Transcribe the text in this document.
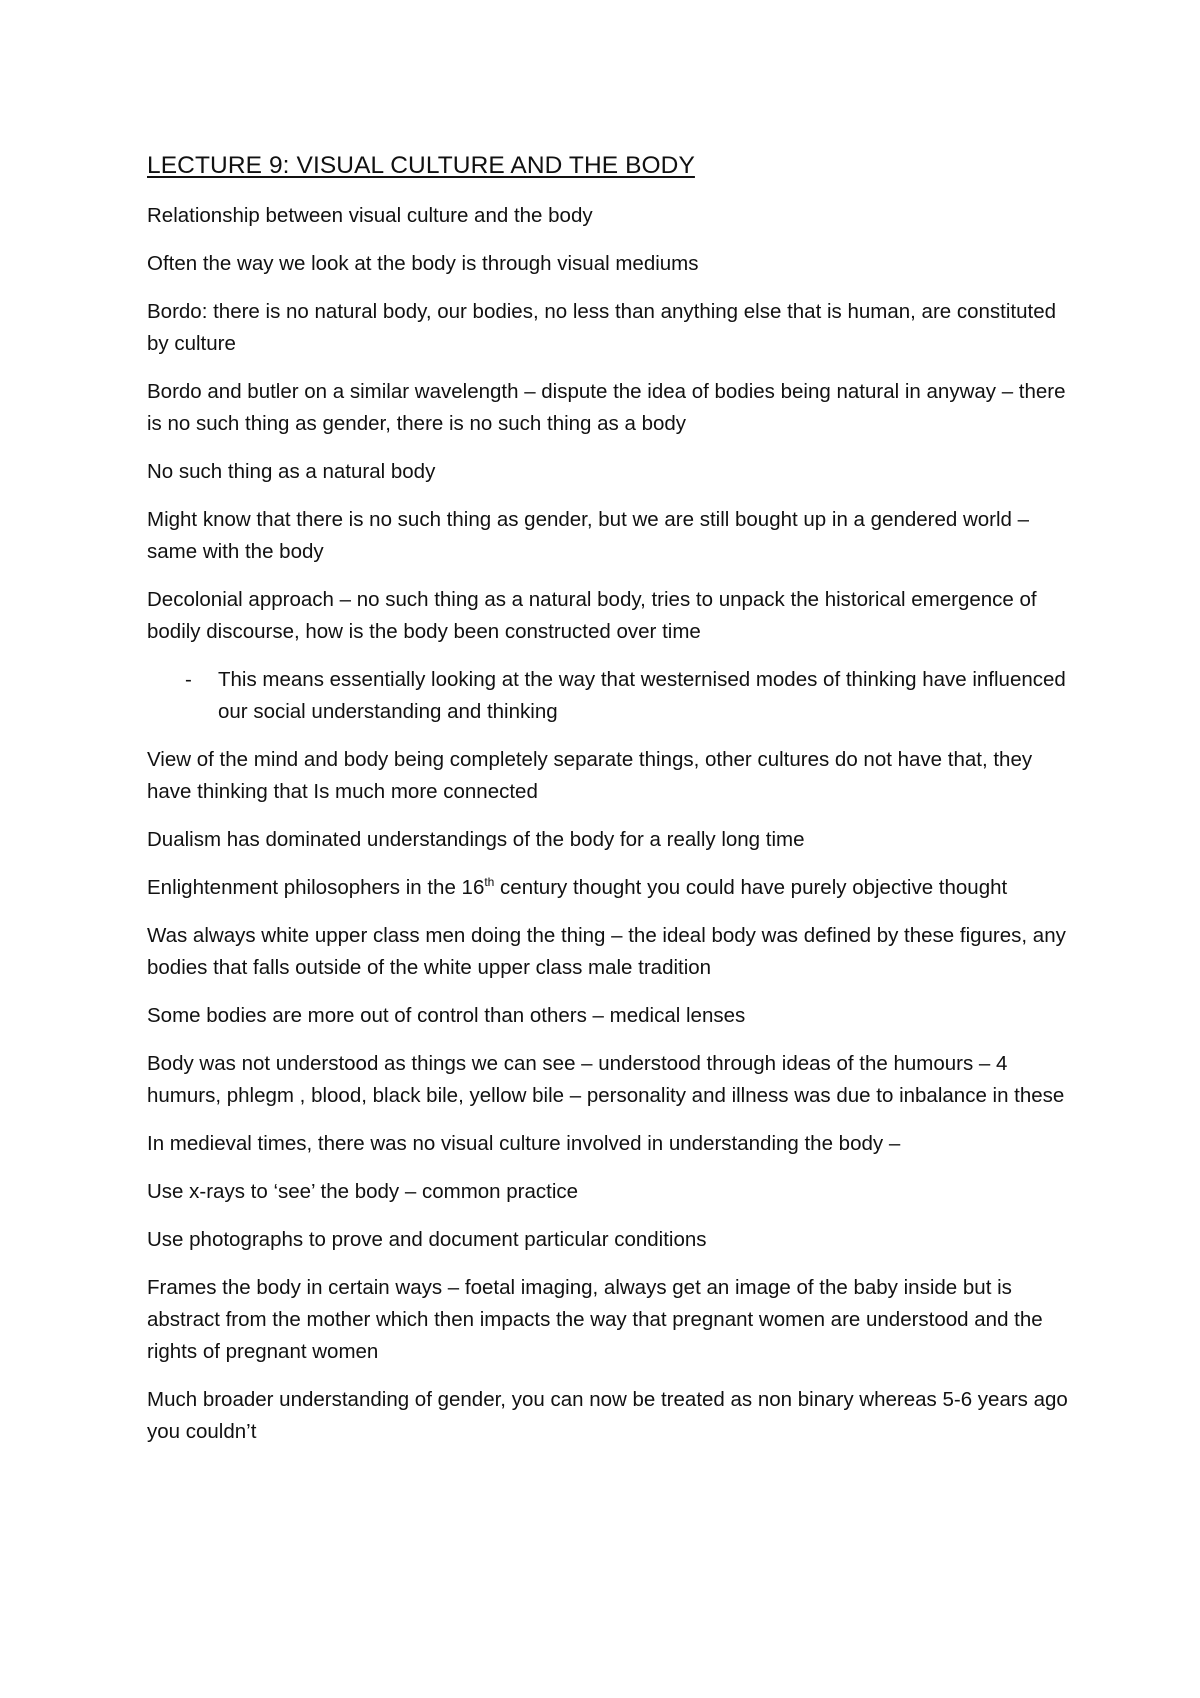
LECTURE 9: VISUAL CULTURE AND THE BODY

Relationship between visual culture and the body

Often the way we look at the body is through visual mediums

Bordo: there is no natural body, our bodies, no less than anything else that is human, are constituted by culture

Bordo and butler on a similar wavelength – dispute the idea of bodies being natural in anyway – there is no such thing as gender, there is no such thing as a body

No such thing as a natural body

Might know that there is no such thing as gender, but we are still bought up in a gendered world – same with the body

Decolonial approach – no such thing as a natural body, tries to unpack the historical emergence of bodily discourse, how is the body been constructed over time

-	This means essentially looking at the way that westernised modes of thinking have influenced our social understanding and thinking

View of the mind and body being completely separate things, other cultures do not have that, they have thinking that Is much more connected

Dualism has dominated understandings of the body for a really long time

Enlightenment philosophers in the 16th century thought you could have purely objective thought

Was always white upper class men doing the thing – the ideal body was defined by these figures, any bodies that falls outside of the white upper class male tradition

Some bodies are more out of control than others – medical lenses

Body was not understood as things we can see – understood through ideas of the humours – 4 humurs, phlegm , blood, black bile, yellow bile – personality and illness was due to inbalance in these

In medieval times, there was no visual culture involved in understanding the body –

Use x-rays to ‘see’ the body – common practice

Use photographs to prove and document particular conditions

Frames the body in certain ways – foetal imaging, always get an image of the baby inside but is abstract from the mother which then impacts the way that pregnant women are understood and the rights of pregnant women

Much broader understanding of gender, you can now be treated as non binary whereas 5-6 years ago you couldn’t
